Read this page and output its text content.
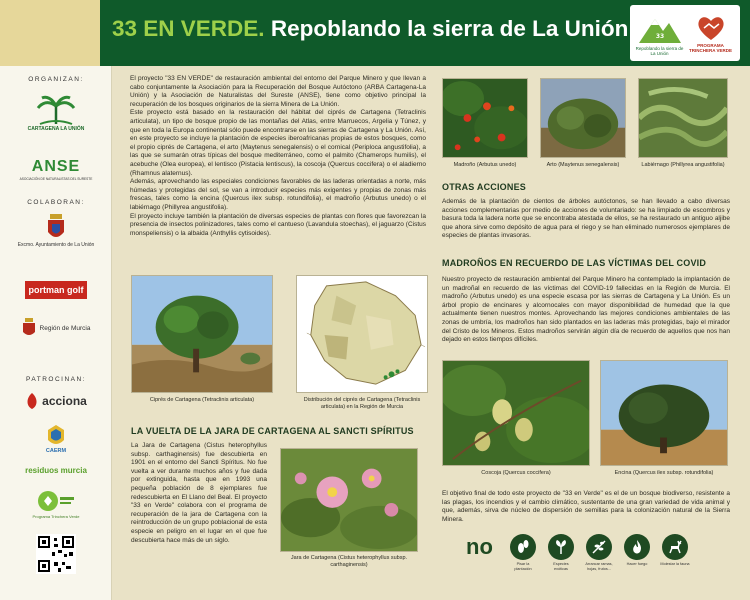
33 EN VERDE. Repoblando la sierra de La Unión	33
Repoblando la sierra de La Unión
PROGRAMA TRINCHERA VERDE
ORGANIZAN:
CARTAGENA LA UNIÓN
ANSE
ASOCIACIÓN DE NATURALISTAS DEL SURESTE
COLABORAN:
Excmo. Ayuntamiento de La Unión
portman golf
Región de Murcia
PATROCINAN:
acciona
CAERM
residuos murcia
Programa Trinchera Verde

El proyecto "33 EN VERDE" de restauración ambiental del entorno del Parque Minero y que llevan a cabo conjuntamente la Asociación para la Recuperación del Bosque Autóctono (ARBA Cartagena-La Unión) y la Asociación de Naturalistas del Sureste (ANSE), tiene como objetivo principal la recuperación de los bosques originarios de la sierra Minera de La Unión.

Este proyecto está basado en la restauración del hábitat del ciprés de Cartagena (Tetraclinis articulata), un tipo de bosque propio de las montañas del Atlas, entre Marruecos, Argelia y Túnez, y que en toda la Europa continental sólo puede encontrarse en las sierras de Cartagena y La Unión. Así, en este proyecto se incluye la plantación de especies iberoafricanas propias de estos bosques, como el propio ciprés de Cartagena, el arto (Maytenus senegalensis) o el cornical (Periploca angustifolia), a las que se sumarán otras típicas del bosque mediterráneo, como el palmito (Chamerops humilis), el acebuche (Olea europea), el lentisco (Pistacia lentiscus), la coscoja (Quercus coccifera) o el aladierno (Rhamnus alaternus).

Además, aprovechando las especiales condiciones favorables de las laderas orientadas a norte, más húmedas y protegidas del sol, se van a introducir especies más exigentes y propias de zonas más frescas, tales como la encina (Quercus ilex subsp. rotundifolia), el madroño (Arbutus unedo) o el labiérnago (Phillyrea angustifolia).

El proyecto incluye también la plantación de diversas especies de plantas con flores que favorezcan la presencia de insectos polinizadores, tales como el cantueso (Lavandula stoechas), el jaguarzo (Cistus monspeliensis) o la albaida (Anthyllis cytisoides).

Ciprés de Cartagena (Tetraclinis articulata)	Distribución del ciprés de Cartagena (Tetraclinis articulata) en la Región de Murcia
LA VUELTA DE LA JARA DE CARTAGENA AL SANCTI SPÍRITUS
La Jara de Cartagena (Cistus heterophyllus subsp. carthaginensis) fue descubierta en 1901 en el entorno del Sancti Spíritus. No fue vuelta a ver durante muchos años y fue dada por extinguida, hasta que en 1993 una pequeña población de 8 ejemplares fue redescubierta en El Llano del Beal. El proyecto "33 en Verde" colabora con el programa de recuperación de la jara de Cartagena con la reintroducción de un grupo poblacional de esta especie en peligro en el lugar en el que fue descubierta hace más de un siglo.
Jara de Cartagena (Cistus heterophyllus subsp. carthaginensis)
Madroño (Arbutus unedo)	Arto (Maytenus senegalensis)	Labiérnago (Phillyrea angustifolia)
OTRAS ACCIONES
Además de la plantación de cientos de árboles autóctonos, se han llevado a cabo diversas acciones complementarias por medio de acciones de voluntariado: se ha limpiado de escombros y basura toda la ladera norte que se encontraba atestada de ellos, se ha restaurado un antiguo aljibe que ahora sirve como depósito de agua para el riego y se han eliminado numerosos ejemplares de especies de plantas invasoras.
MADROÑOS EN RECUERDO DE LAS VÍCTIMAS DEL COVID
Nuestro proyecto de restauración ambiental del Parque Minero ha contemplado la implantación de un madroñal en recuerdo de las víctimas del COVID-19 fallecidas en la Región de Murcia. El madroño (Arbutus unedo) es una especie escasa por las sierras de Cartagena y La Unión. Es un árbol propio de encinares y alcornocales con mayor disponibilidad de humedad que la que actualmente tienen nuestros montes. Aprovechando las mejores condiciones ambientales de las zonas de umbría, los madroños han sido plantados en las laderas más protegidas, bajo el mirador del Cristo de los Mineros. Estos madroños servirán algún día de recuerdo de aquellos que nos han dejado en estos tiempos difíciles.
Coscoja (Quercus coccifera)	Encina (Quercus ilex subsp. rotundifolia)
El objetivo final de todo este proyecto de "33 en Verde" es el de un bosque biodiverso, resistente a las plagas, los incendios y el cambio climático, sustentante de una gran variedad de vida animal y que, además, sirva de núcleo de dispersión de semillas para la colonización natural de la Sierra Minera.
no
Pisar la plantación
Especies exóticas
Arrancar ramas, hojas, frutos...
Hacer fuego	Molestar la fauna
